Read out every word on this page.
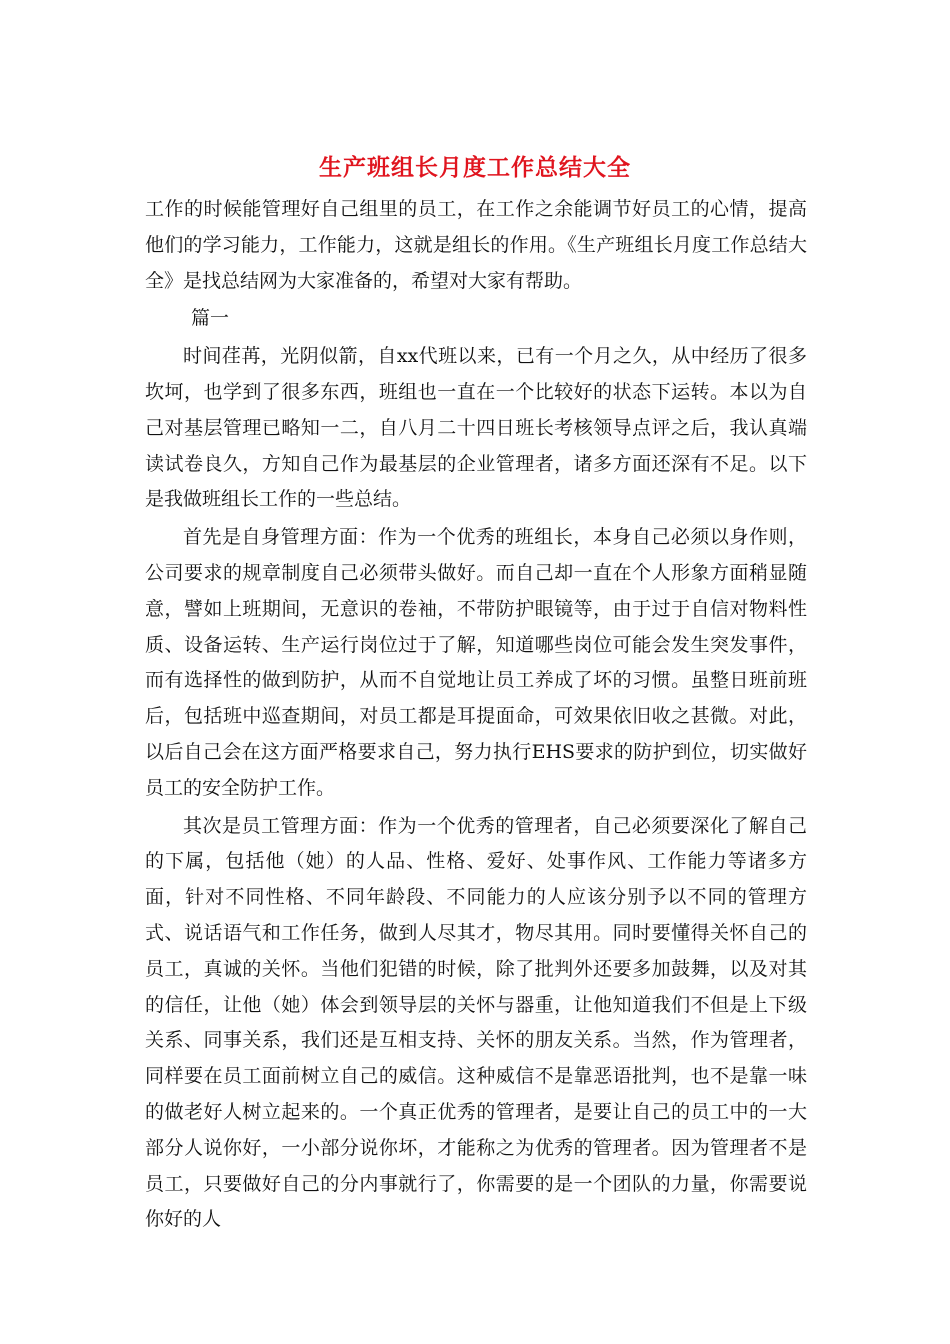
生产班组长月度工作总结大全

工作的时候能管理好自己组里的员工，在工作之余能调节好员工的心情，提高他们的学习能力，工作能力，这就是组长的作用。《生产班组长月度工作总结大全》是找总结网为大家准备的，希望对大家有帮助。

篇一

时间荏苒，光阴似箭，自xx代班以来，已有一个月之久，从中经历了很多坎坷，也学到了很多东西，班组也一直在一个比较好的状态下运转。本以为自己对基层管理已略知一二，自八月二十四日班长考核领导点评之后，我认真端读试卷良久，方知自己作为最基层的企业管理者，诸多方面还深有不足。以下是我做班组长工作的一些总结。

首先是自身管理方面：作为一个优秀的班组长，本身自己必须以身作则，公司要求的规章制度自己必须带头做好。而自己却一直在个人形象方面稍显随意，譬如上班期间，无意识的卷袖，不带防护眼镜等，由于过于自信对物料性质、设备运转、生产运行岗位过于了解，知道哪些岗位可能会发生突发事件，而有选择性的做到防护，从而不自觉地让员工养成了坏的习惯。虽整日班前班后，包括班中巡查期间，对员工都是耳提面命，可效果依旧收之甚微。对此，以后自己会在这方面严格要求自己，努力执行EHS要求的防护到位，切实做好员工的安全防护工作。

其次是员工管理方面：作为一个优秀的管理者，自己必须要深化了解自己的下属，包括他（她）的人品、性格、爱好、处事作风、工作能力等诸多方面，针对不同性格、不同年龄段、不同能力的人应该分别予以不同的管理方式、说话语气和工作任务，做到人尽其才，物尽其用。同时要懂得关怀自己的员工，真诚的关怀。当他们犯错的时候，除了批判外还要多加鼓舞，以及对其的信任，让他（她）体会到领导层的关怀与器重，让他知道我们不但是上下级关系、同事关系，我们还是互相支持、关怀的朋友关系。当然，作为管理者，同样要在员工面前树立自己的威信。这种威信不是靠恶语批判，也不是靠一味的做老好人树立起来的。一个真正优秀的管理者，是要让自己的员工中的一大部分人说你好，一小部分说你坏，才能称之为优秀的管理者。因为管理者不是员工，只要做好自己的分内事就行了，你需要的是一个团队的力量，你需要说你好的人
